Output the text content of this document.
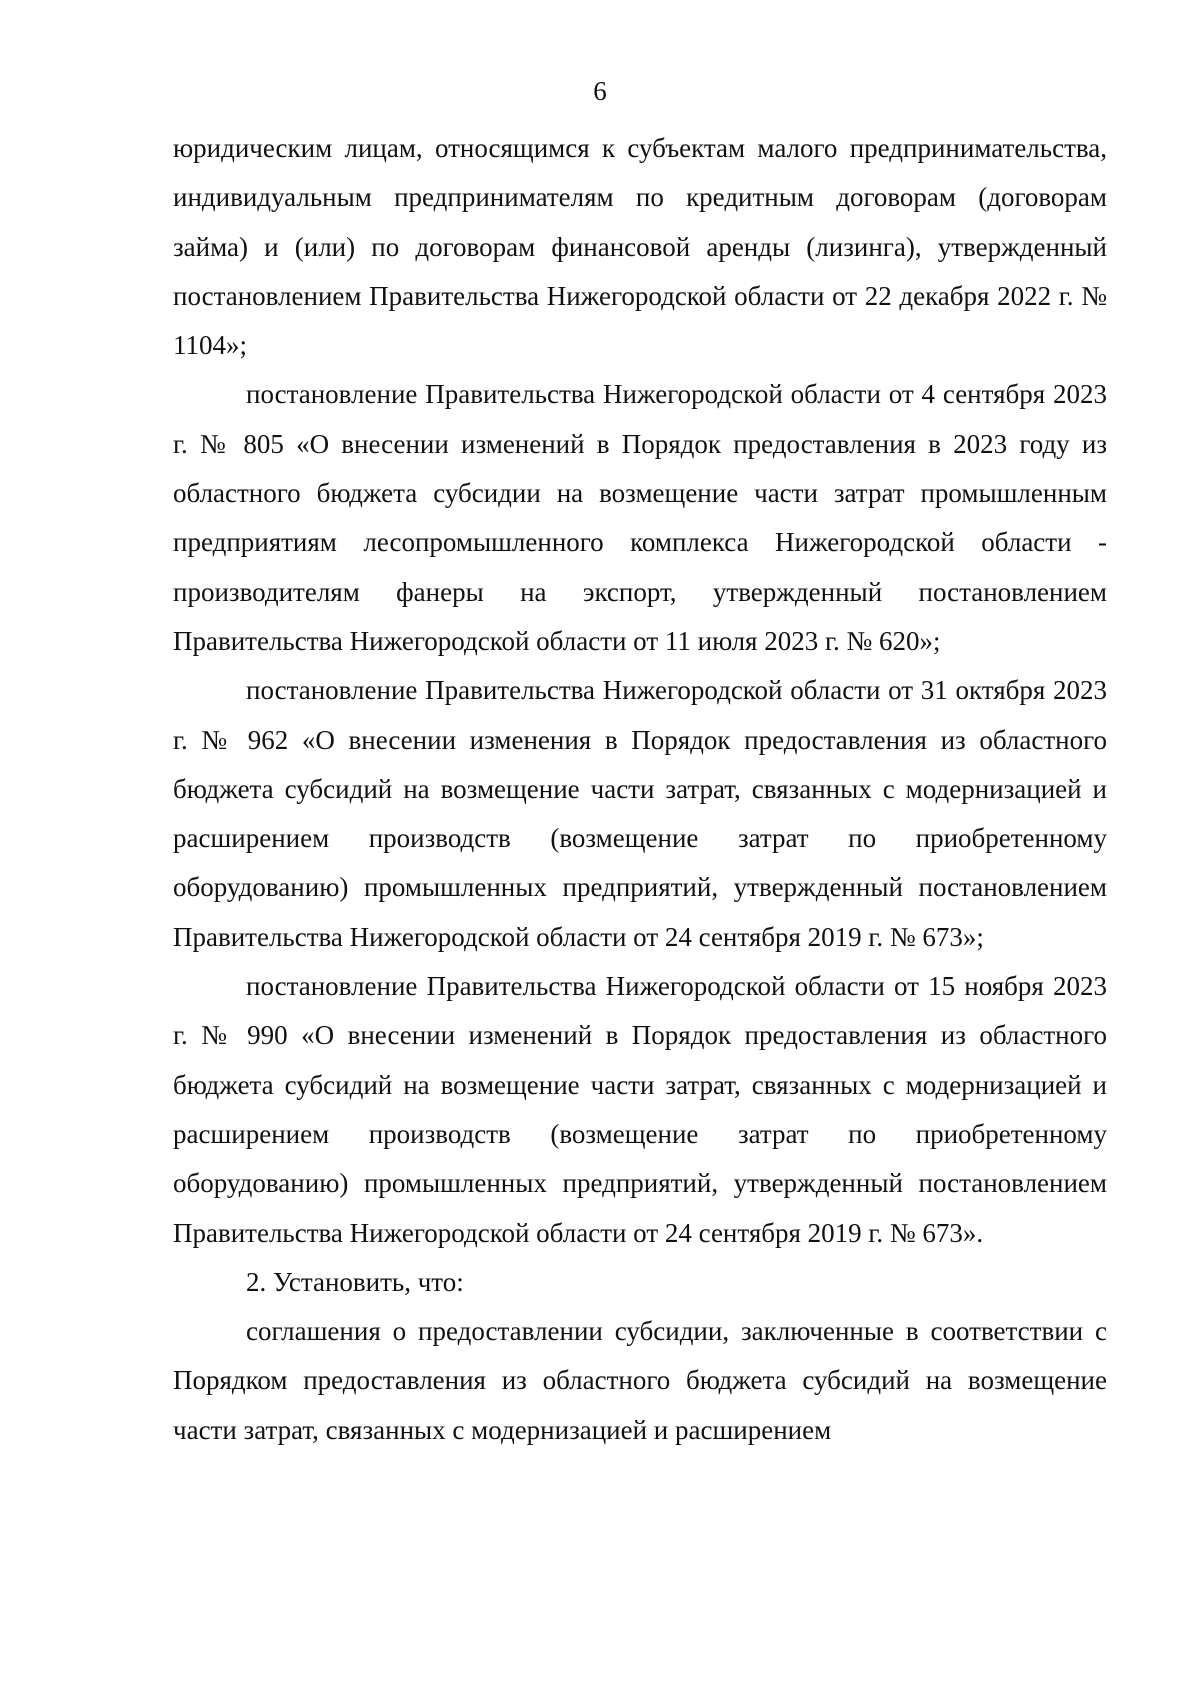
6

юридическим лицам, относящимся к субъектам малого предпринимательства, индивидуальным предпринимателям по кредитным договорам (договорам займа) и (или) по договорам финансовой аренды (лизинга), утвержденный постановлением Правительства Нижегородской области от 22 декабря 2022 г. № 1104»;

постановление Правительства Нижегородской области от 4 сентября 2023 г. № 805 «О внесении изменений в Порядок предоставления в 2023 году из областного бюджета субсидии на возмещение части затрат промышленным предприятиям лесопромышленного комплекса Нижегородской области - производителям фанеры на экспорт, утвержденный постановлением Правительства Нижегородской области от 11 июля 2023 г. № 620»;

постановление Правительства Нижегородской области от 31 октября 2023 г. № 962 «О внесении изменения в Порядок предоставления из областного бюджета субсидий на возмещение части затрат, связанных с модернизацией и расширением производств (возмещение затрат по приобретенному оборудованию) промышленных предприятий, утвержденный постановлением Правительства Нижегородской области от 24 сентября 2019 г. № 673»;

постановление Правительства Нижегородской области от 15 ноября 2023 г. № 990 «О внесении изменений в Порядок предоставления из областного бюджета субсидий на возмещение части затрат, связанных с модернизацией и расширением производств (возмещение затрат по приобретенному оборудованию) промышленных предприятий, утвержденный постановлением Правительства Нижегородской области от 24 сентября 2019 г. № 673».

2. Установить, что:

соглашения о предоставлении субсидии, заключенные в соответствии с Порядком предоставления из областного бюджета субсидий на возмещение части затрат, связанных с модернизацией и расширением
